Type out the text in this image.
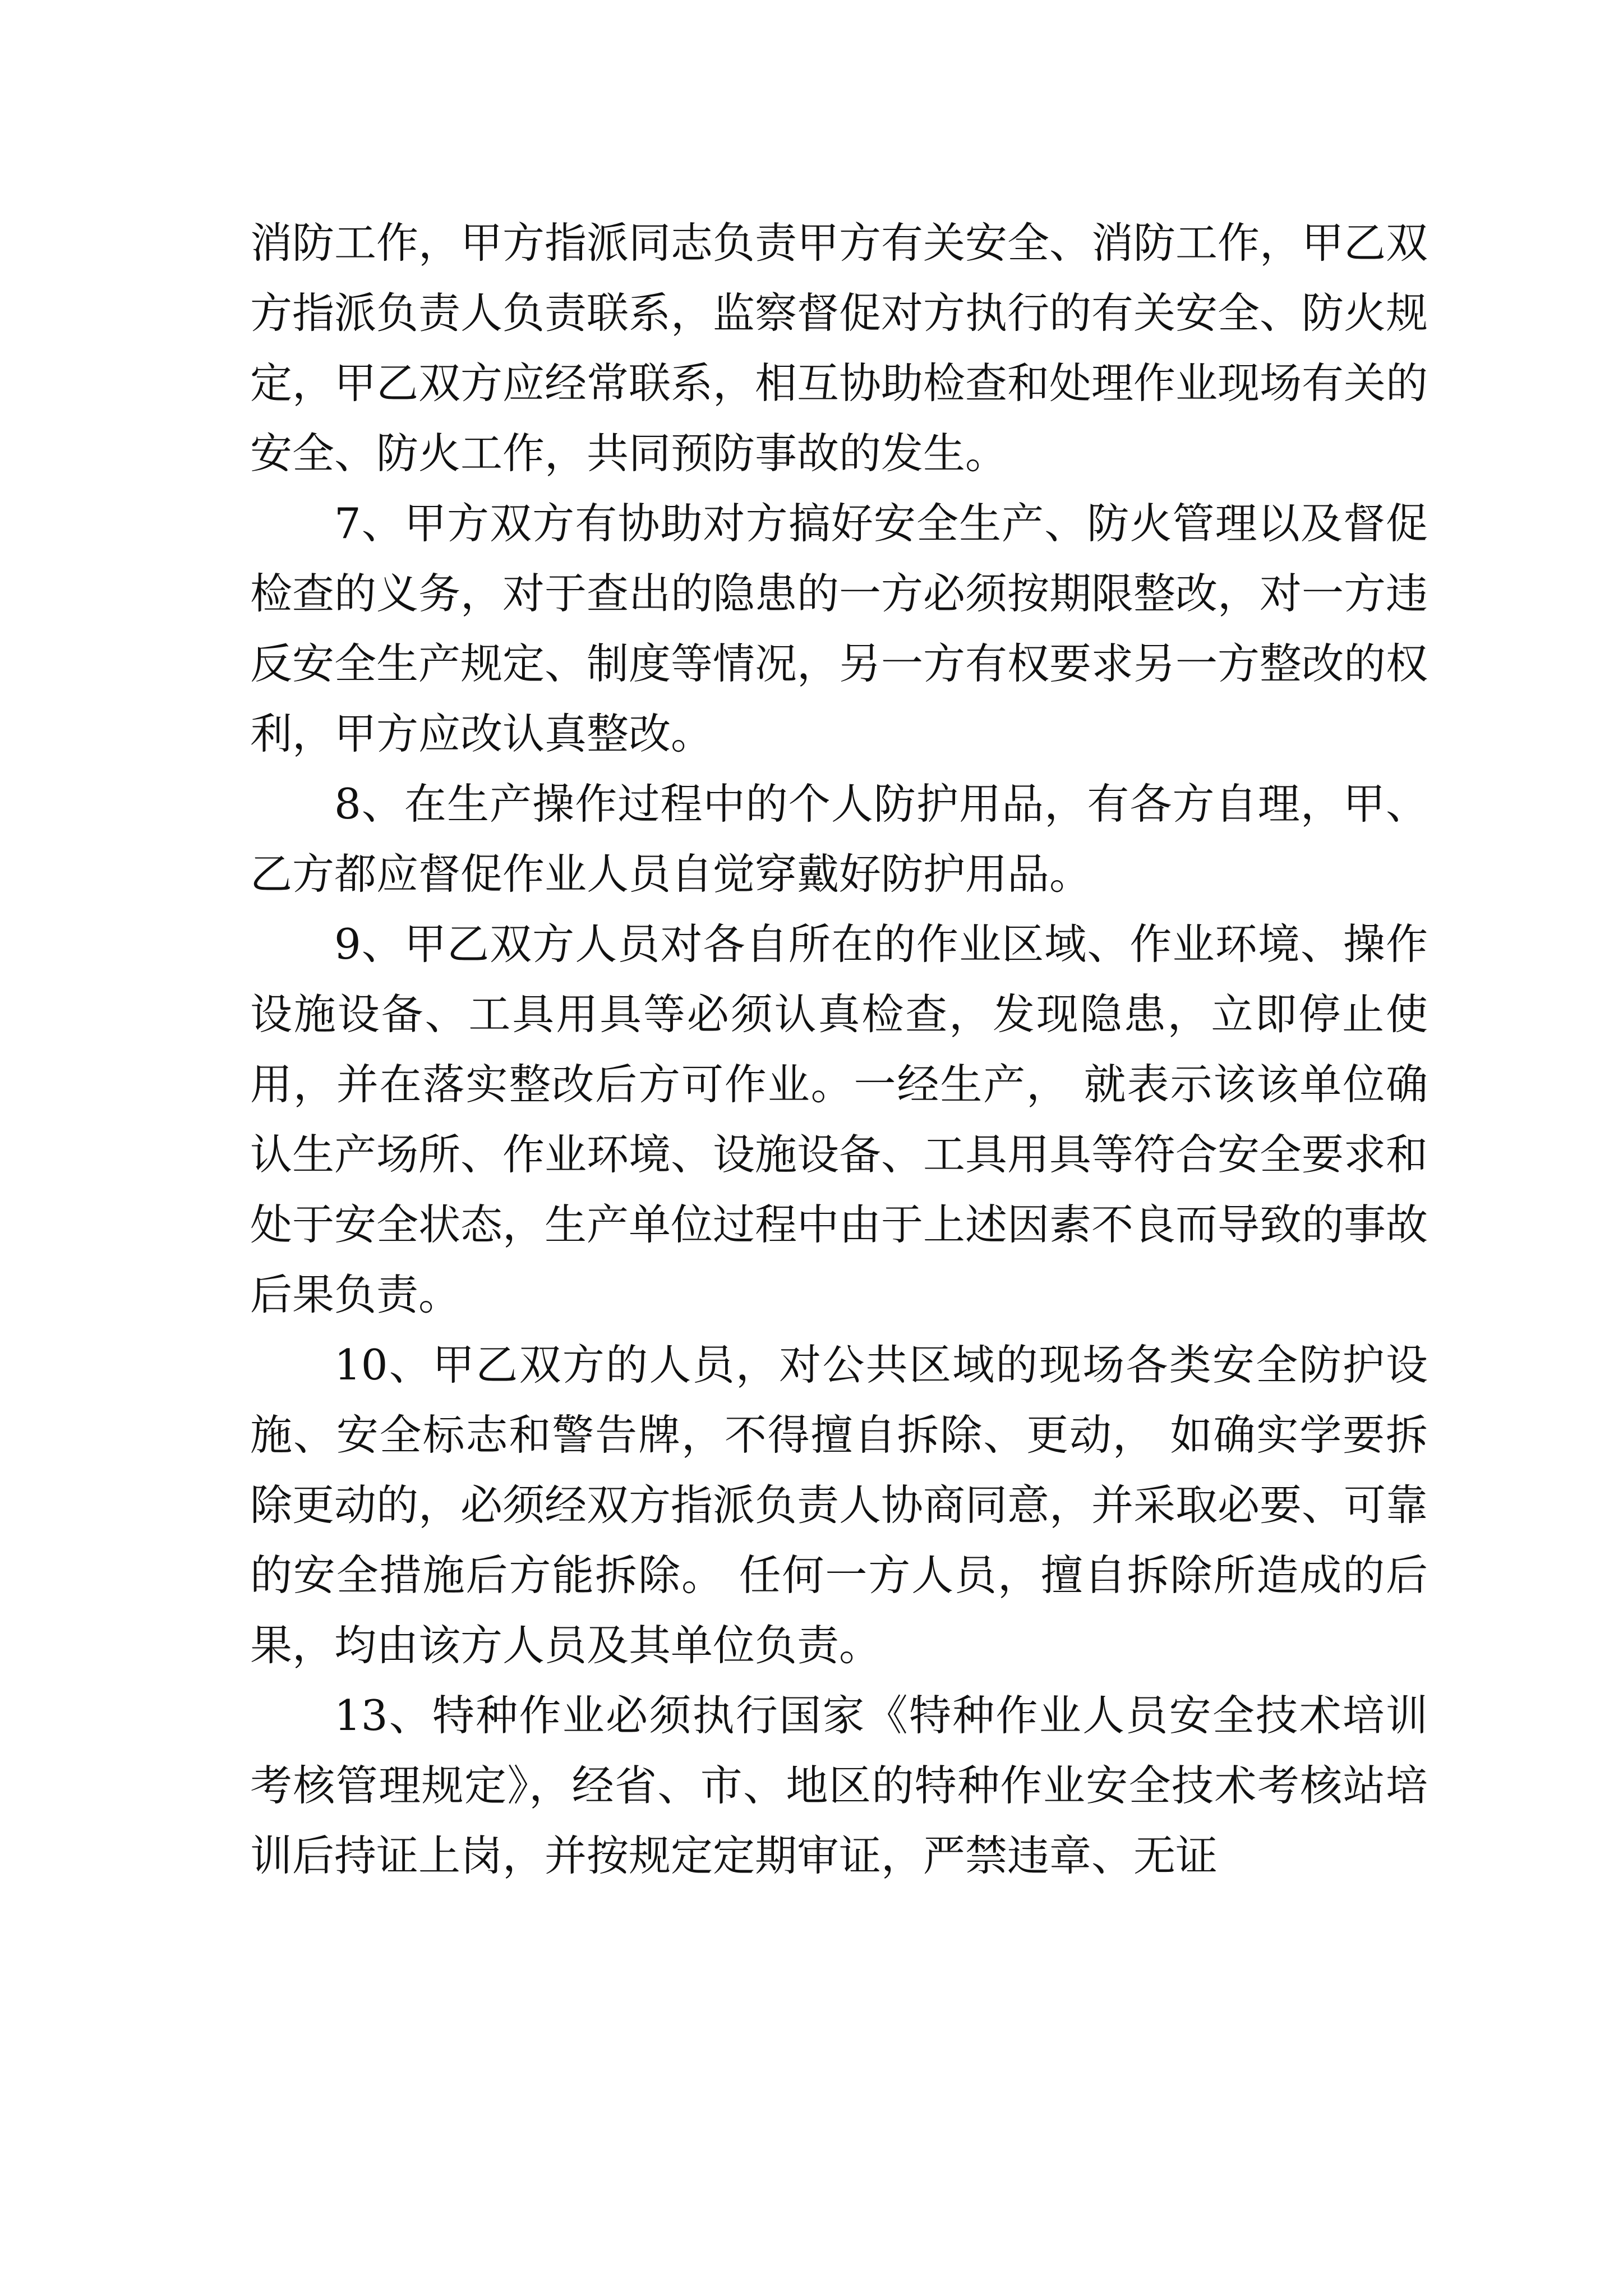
消防工作，甲方指派同志负责甲方有关安全、消防工作，甲乙双方指派负责人负责联系，监察督促对方执行的有关安全、防火规定，甲乙双方应经常联系，相互协助检查和处理作业现场有关的安全、防火工作，共同预防事故的发生。

7、甲方双方有协助对方搞好安全生产、防火管理以及督促检查的义务，对于查出的隐患的一方必须按期限整改，对一方违反安全生产规定、制度等情况，另一方有权要求另一方整改的权利，甲方应改认真整改。

8、在生产操作过程中的个人防护用品，有各方自理，甲、乙方都应督促作业人员自觉穿戴好防护用品。

9、甲乙双方人员对各自所在的作业区域、作业环境、操作设施设备、工具用具等必须认真检查，发现隐患，立即停止使用，并在落实整改后方可作业。一经生产， 就表示该该单位确认生产场所、作业环境、设施设备、工具用具等符合安全要求和处于安全状态，生产单位过程中由于上述因素不良而导致的事故后果负责。

10、甲乙双方的人员，对公共区域的现场各类安全防护设施、安全标志和警告牌，不得擅自拆除、更动， 如确实学要拆除更动的，必须经双方指派负责人协商同意，并采取必要、可靠的安全措施后方能拆除。 任何一方人员，擅自拆除所造成的后果，均由该方人员及其单位负责。

13、特种作业必须执行国家《特种作业人员安全技术培训考核管理规定》，经省、市、地区的特种作业安全技术考核站培训后持证上岗，并按规定定期审证，严禁违章、无证
